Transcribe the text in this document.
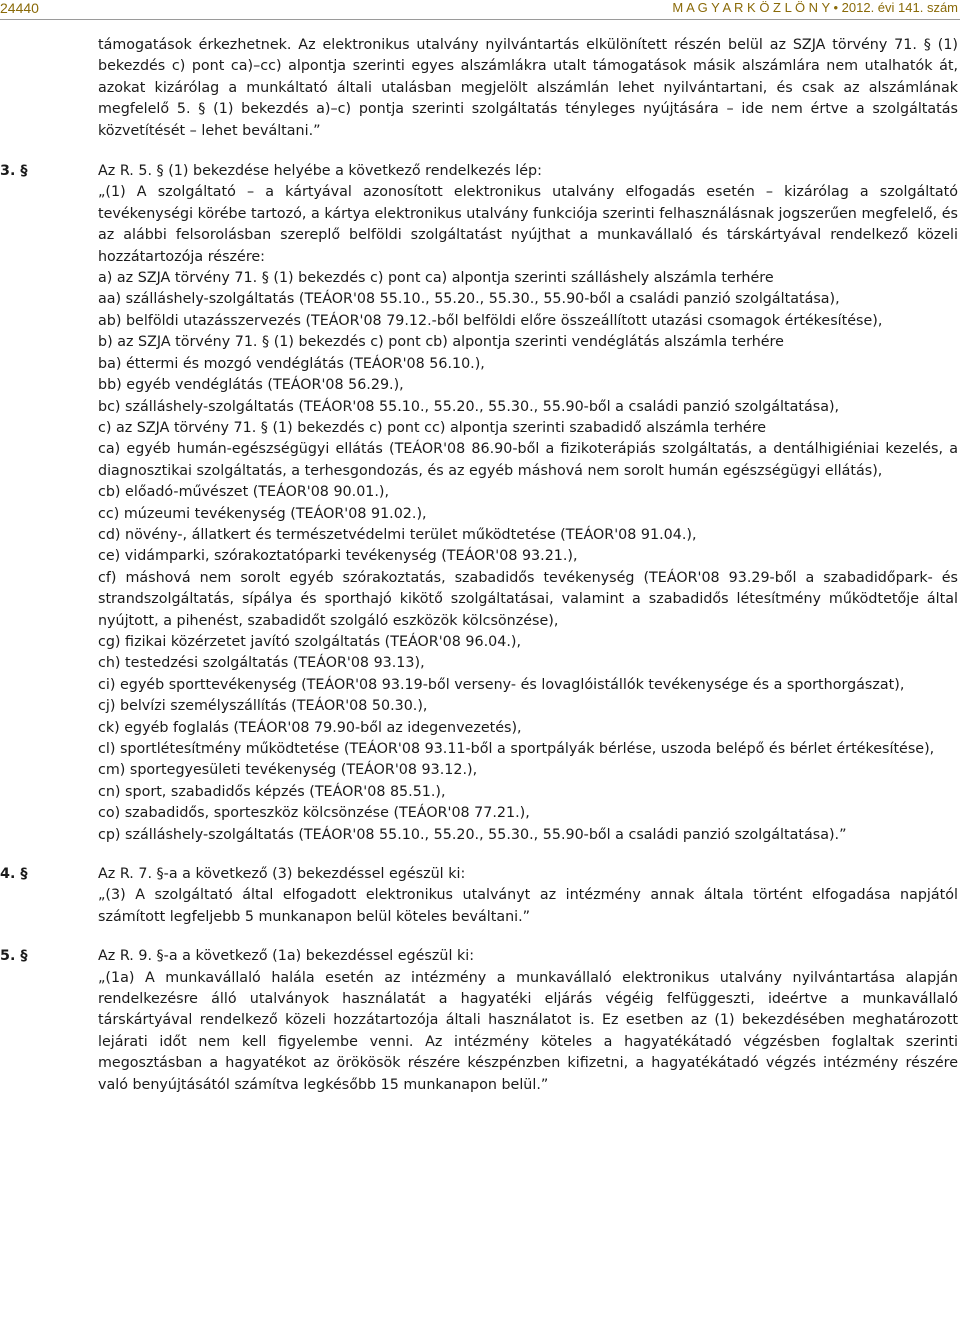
24440	M A G Y A R K Ö Z L Ö N Y • 2012. évi 141. szám

támogatások érkezhetnek. Az elektronikus utalvány nyilvántartás elkülönített részén belül az SZJA törvény 71. § (1) bekezdés c) pont ca)–cc) alpontja szerinti egyes alszámlákra utalt támogatások másik alszámlára nem utalhatók át, azokat kizárólag a munkáltató általi utalásban megjelölt alszámlán lehet nyilvántartani, és csak az alszámlának megfelelő 5. § (1) bekezdés a)–c) pontja szerinti szolgáltatás tényleges nyújtására – ide nem értve a szolgáltatás közvetítését – lehet beváltani.”

3. §	Az R. 5. § (1) bekezdése helyébe a következő rendelkezés lép:

„(1) A szolgáltató – a kártyával azonosított elektronikus utalvány elfogadás esetén – kizárólag a szolgáltató tevékenységi körébe tartozó, a kártya elektronikus utalvány funkciója szerinti felhasználásnak jogszerűen megfelelő, és az alábbi felsorolásban szereplő belföldi szolgáltatást nyújthat a munkavállaló és társkártyával rendelkező közeli hozzátartozója részére:

a) az SZJA törvény 71. § (1) bekezdés c) pont ca) alpontja szerinti szálláshely alszámla terhére

aa) szálláshely-szolgáltatás (TEÁOR'08 55.10., 55.20., 55.30., 55.90-ből a családi panzió szolgáltatása),

ab) belföldi utazásszervezés (TEÁOR'08 79.12.-ből belföldi előre összeállított utazási csomagok értékesítése),

b) az SZJA törvény 71. § (1) bekezdés c) pont cb) alpontja szerinti vendéglátás alszámla terhére

ba) éttermi és mozgó vendéglátás (TEÁOR'08 56.10.),

bb) egyéb vendéglátás (TEÁOR'08 56.29.),

bc) szálláshely-szolgáltatás (TEÁOR'08 55.10., 55.20., 55.30., 55.90-ből a családi panzió szolgáltatása),

c) az SZJA törvény 71. § (1) bekezdés c) pont cc) alpontja szerinti szabadidő alszámla terhére

ca) egyéb humán-egészségügyi ellátás (TEÁOR'08 86.90-ből a fizikoterápiás szolgáltatás, a dentálhigiéniai kezelés, a diagnosztikai szolgáltatás, a terhesgondozás, és az egyéb máshová nem sorolt humán egészségügyi ellátás),

cb) előadó-művészet (TEÁOR'08 90.01.),

cc) múzeumi tevékenység (TEÁOR'08 91.02.),

cd) növény-, állatkert és természetvédelmi terület működtetése (TEÁOR'08 91.04.),

ce) vidámparki, szórakoztatóparki tevékenység (TEÁOR'08 93.21.),

cf) máshová nem sorolt egyéb szórakoztatás, szabadidős tevékenység (TEÁOR'08 93.29-ből a szabadidőpark- és strandszolgáltatás, sípálya és sporthajó kikötő szolgáltatásai, valamint a szabadidős létesítmény működtetője által nyújtott, a pihenést, szabadidőt szolgáló eszközök kölcsönzése),

cg) fizikai közérzetet javító szolgáltatás (TEÁOR'08 96.04.),

ch) testedzési szolgáltatás (TEÁOR'08 93.13),

ci) egyéb sporttevékenység (TEÁOR'08 93.19-ből verseny- és lovaglóistállók tevékenysége és a sporthorgászat),

cj) belvízi személyszállítás (TEÁOR'08 50.30.),

ck) egyéb foglalás (TEÁOR'08 79.90-ből az idegenvezetés),

cl) sportlétesítmény működtetése (TEÁOR'08 93.11-ből a sportpályák bérlése, uszoda belépő és bérlet értékesítése),

cm) sportegyesületi tevékenység (TEÁOR'08 93.12.),

cn) sport, szabadidős képzés (TEÁOR'08 85.51.),

co) szabadidős, sporteszköz kölcsönzése (TEÁOR'08 77.21.),

cp) szálláshely-szolgáltatás (TEÁOR'08 55.10., 55.20., 55.30., 55.90-ből a családi panzió szolgáltatása).”

4. §	Az R. 7. §-a a következő (3) bekezdéssel egészül ki:

„(3) A szolgáltató által elfogadott elektronikus utalványt az intézmény annak általa történt elfogadása napjától számított legfeljebb 5 munkanapon belül köteles beváltani.”

5. §	Az R. 9. §-a a következő (1a) bekezdéssel egészül ki:

„(1a) A munkavállaló halála esetén az intézmény a munkavállaló elektronikus utalvány nyilvántartása alapján rendelkezésre álló utalványok használatát a hagyatéki eljárás végéig felfüggeszti, ideértve a munkavállaló társkártyával rendelkező közeli hozzátartozója általi használatot is. Ez esetben az (1) bekezdésében meghatározott lejárati időt nem kell figyelembe venni. Az intézmény köteles a hagyatékátadó végzésben foglaltak szerinti megosztásban a hagyatékot az örökösök részére készpénzben kifizetni, a hagyatékátadó végzés intézmény részére való benyújtásától számítva legkésőbb 15 munkanapon belül.”
